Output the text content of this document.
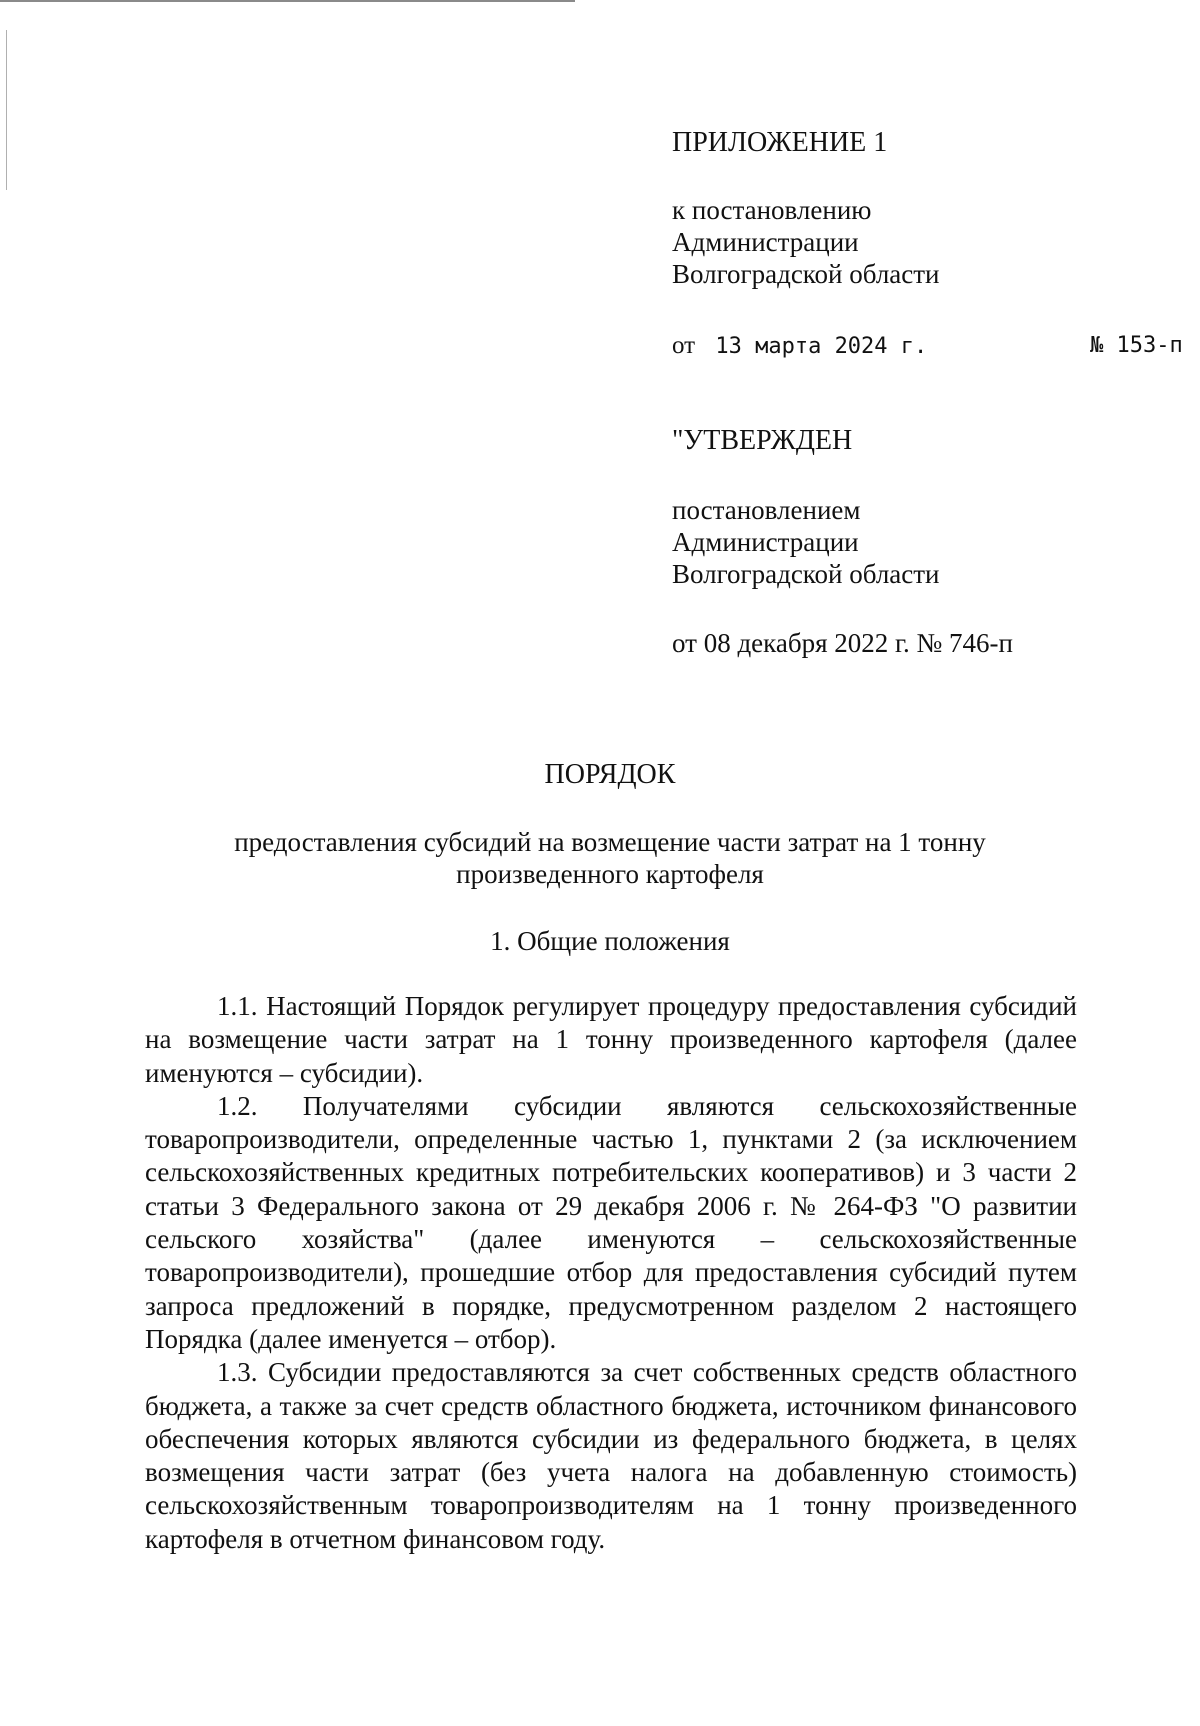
ПРИЛОЖЕНИЕ 1
к постановлению
Администрации
Волгоградской области
от 13 марта 2024 г.	№ 153-п
"УТВЕРЖДЕН
постановлением
Администрации
Волгоградской области
от 08 декабря 2022 г. № 746-п
ПОРЯДОК
предоставления субсидий на возмещение части затрат на 1 тонну
произведенного картофеля
1. Общие положения

1.1. Настоящий Порядок регулирует процедуру предоставления субсидий на возмещение части затрат на 1 тонну произведенного картофеля (далее именуются – субсидии).

1.2. Получателями субсидии являются сельскохозяйственные товаропроизводители, определенные частью 1, пунктами 2 (за исключением сельскохозяйственных кредитных потребительских кооперативов) и 3 части 2 статьи 3 Федерального закона от 29 декабря 2006 г. № 264-ФЗ "О развитии сельского хозяйства" (далее именуются – сельскохозяйственные товаропроизводители), прошедшие отбор для предоставления субсидий путем запроса предложений в порядке, предусмотренном разделом 2 настоящего Порядка (далее именуется – отбор).

1.3. Субсидии предоставляются за счет собственных средств областного бюджета, а также за счет средств областного бюджета, источником финансового обеспечения которых являются субсидии из федерального бюджета, в целях возмещения части затрат (без учета налога на добавленную стоимость) сельскохозяйственным товаропроизводителям на 1 тонну произведенного картофеля в отчетном финансовом году.
